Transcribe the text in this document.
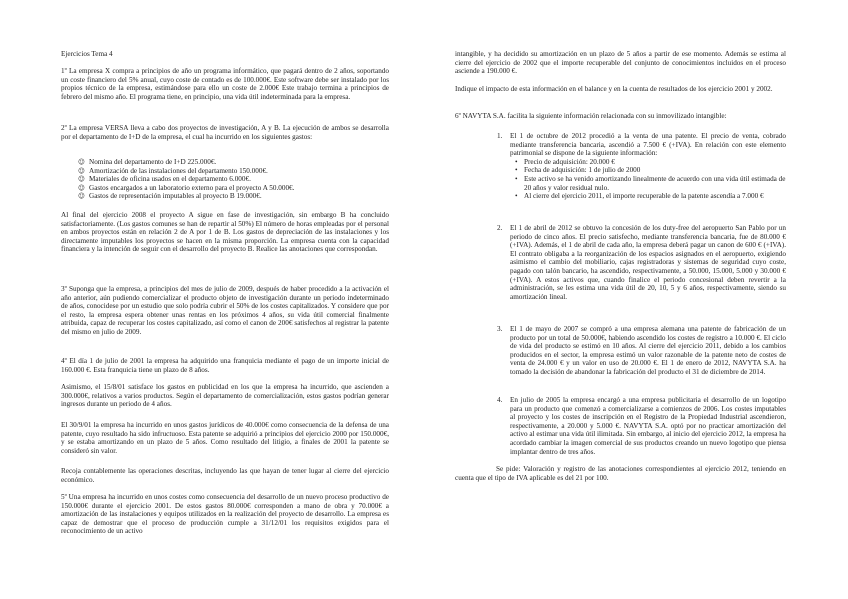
Ejercicios Tema 4

1º La empresa X compra a principios de año un programa informático, que pagará dentro de 2 años, soportando un coste financiero del 5% anual, cuyo coste de contado es de 100.000€. Este software debe ser instalado por los propios técnico de la empresa, estimándose para ello un coste de 2.000€ Este trabajo termina a principios de febrero del mismo año. El programa tiene, en principio, una vida útil indeterminada para la empresa.

2º La empresa VERSA lleva a cabo dos proyectos de investigación, A y B. La ejecución de ambos se desarrolla por el departamento de I+D de la empresa, el cual ha incurrido en los siguientes gastos:

☺ Nomina del departamento de I+D 225.000€.
☺ Amortización de las instalaciones del departamento 150.000€.
☺ Materiales de oficina usados en el departamento 6.000€.
☺ Gastos encargados a un laboratorio externo para el proyecto A 50.000€.
☺ Gastos de representación imputables al proyecto B 19.000€.

Al final del ejercicio 2008 el proyecto A sigue en fase de investigación, sin embargo B ha concluido satisfactoriamente. (Los gastos comunes se han de repartir al 50%) El número de horas empleadas por el personal en ambos proyectos están en relación 2 de A por 1 de B. Los gastos de depreciación de las instalaciones y los directamente imputables los proyectos se hacen en la misma proporción. La empresa cuenta con la capacidad financiera y la intención de seguir con el desarrollo del proyecto B. Realice las anotaciones que correspondan.

3º Suponga que la empresa, a principios del mes de julio de 2009, después de haber procedido a la activación el año anterior, aún pudiendo comercializar el producto objeto de investigación durante un periodo indeterminado de años, conocidese por un estudio que solo podría cubrir el 50% de los costes capitalizados. Y considere que por el resto, la empresa espera obtener unas rentas en los próximos 4 años, su vida útil comercial finalmente atribuida, capaz de recuperar los costes capitalizado, así como el canon de 200€ satisfechos al registrar la patente del mismo en julio de 2009.

4º El día 1 de julio de 2001 la empresa ha adquirido una franquicia mediante el pago de un importe inicial de 160.000 €. Esta franquicia tiene un plazo de 8 años.

Asimismo, el 15/8/01 satisface los gastos en publicidad en los que la empresa ha incurrido, que ascienden a 300.000€, relativos a varios productos. Según el departamento de comercialización, estos gastos podrían generar ingresos durante un periodo de 4 años.

El 30/9/01 la empresa ha incurrido en unos gastos jurídicos de 40.000€ como consecuencia de la defensa de una patente, cuyo resultado ha sido infructuoso. Esta patente se adquirió a principios del ejercicio 2000 por 150.000€, y se estaba amortizando en un plazo de 5 años. Como resultado del litigio, a finales de 2001 la patente se consideró sin valor.

Recoja contablemente las operaciones descritas, incluyendo las que hayan de tener lugar al cierre del ejercicio económico.

5º Una empresa ha incurrido en unos costes como consecuencia del desarrollo de un nuevo proceso productivo de 150.000€ durante el ejercicio 2001. De estos gastos 80.000€ corresponden a mano de obra y 70.000€ a amortización de las instalaciones y equipos utilizados en la realización del proyecto de desarrollo. La empresa es capaz de demostrar que el proceso de producción cumple a 31/12/01 los requisitos exigidos para el reconocimiento de un activo

intangible, y ha decidido su amortización en un plazo de 5 años a partir de ese momento. Además se estima al cierre del ejercicio de 2002 que el importe recuperable del conjunto de conocimientos incluidos en el proceso asciende a 190.000 €.

Indique el impacto de esta información en el balance y en la cuenta de resultados de los ejercicio 2001 y 2002.

6º NAVYTA S.A. facilita la siguiente información relacionada con su inmovilizado intangible:

1. El 1 de octubre de 2012 procedió a la venta de una patente. El precio de venta, cobrado mediante transferencia bancaria, ascendió a 7.500 € (+IVA). En relación con este elemento patrimonial se dispone de la siguiente información:

• Precio de adquisición: 20.000 €
• Fecha de adquisición: 1 de julio de 2000
• Este activo se ha venido amortizando linealmente de acuerdo con una vida útil estimada de 20 años y valor residual nulo.
• Al cierre del ejercicio 2011, el importe recuperable de la patente ascendía a 7.000 €
2. El 1 de abril de 2012 se obtuvo la concesión de los duty-free del aeropuerto San Pablo por un periodo de cinco años. El precio satisfecho, mediante transferencia bancaria, fue de 80.000 € (+IVA). Además, el 1 de abril de cada año, la empresa deberá pagar un canon de 600 € (+IVA). El contrato obligaba a la reorganización de los espacios asignados en el aeropuerto, exigiendo asimismo el cambio del mobiliario, cajas registradoras y sistemas de seguridad cuyo coste, pagado con talón bancario, ha ascendido, respectivamente, a 50.000, 15.000, 5.000 y 30.000 € (+IVA). A estos activos que, cuando finalice el periodo concesional deben revertir a la administración, se les estima una vida útil de 20, 10, 5 y 6 años, respectivamente, siendo su amortización lineal.

3. El 1 de mayo de 2007 se compró a una empresa alemana una patente de fabricación de un producto por un total de 50.000€, habiendo ascendido los costes de registro a 10.000 €. El ciclo de vida del producto se estimó en 10 años. Al cierre del ejercicio 2011, debido a los cambios producidos en el sector, la empresa estimó un valor razonable de la patente neto de costes de venta de 24.000 € y un valor en uso de 20.000 €. El 1 de enero de 2012, NAVYTA S.A. ha tomado la decisión de abandonar la fabricación del producto el 31 de diciembre de 2014.

4. En julio de 2005 la empresa encargó a una empresa publicitaria el desarrollo de un logotipo para un producto que comenzó a comercializarse a comienzos de 2006. Los costes imputables al proyecto y los costes de inscripción en el Registro de la Propiedad Industrial ascendieron, respectivamente, a 20.000 y 5.000 €. NAVYTA S.A. optó por no practicar amortización del activo al estimar una vida útil ilimitada. Sin embargo, al inicio del ejercicio 2012, la empresa ha acordado cambiar la imagen comercial de sus productos creando un nuevo logotipo que piensa implantar dentro de tres años.

Se pide: Valoración y registro de las anotaciones correspondientes al ejercicio 2012, teniendo en cuenta que el tipo de IVA aplicable es del 21 por 100.
